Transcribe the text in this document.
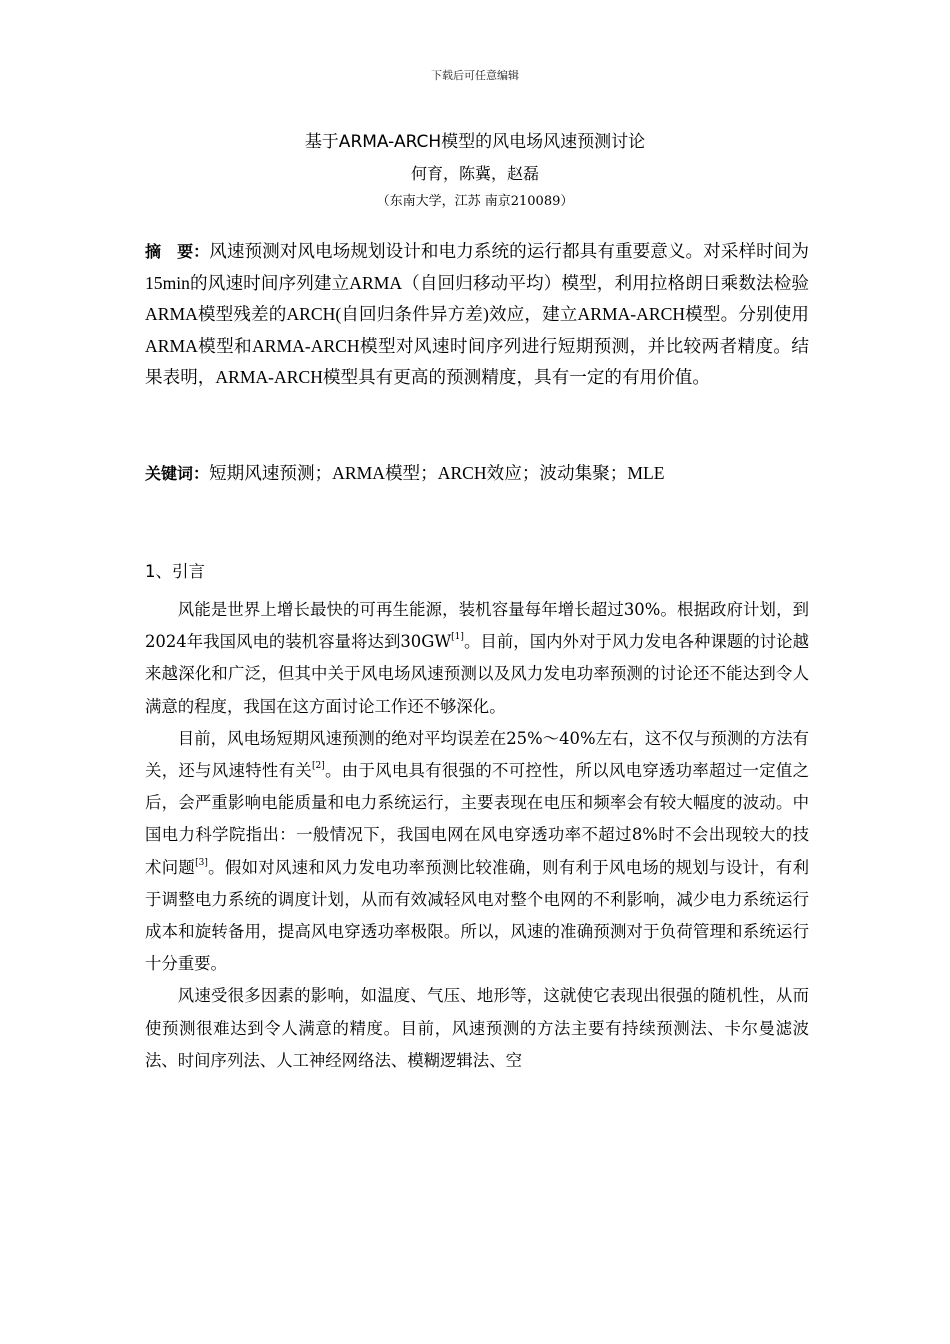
下载后可任意编辑
基于ARMA-ARCH模型的风电场风速预测讨论
何育，陈冀，赵磊
（东南大学，江苏 南京210089）
摘　要：风速预测对风电场规划设计和电力系统的运行都具有重要意义。对采样时间为15min的风速时间序列建立ARMA（自回归移动平均）模型，利用拉格朗日乘数法检验ARMA模型残差的ARCH(自回归条件异方差)效应，建立ARMA-ARCH模型。分别使用ARMA模型和ARMA-ARCH模型对风速时间序列进行短期预测，并比较两者精度。结果表明，ARMA-ARCH模型具有更高的预测精度，具有一定的有用价值。
关键词：短期风速预测；ARMA模型；ARCH效应；波动集聚；MLE
1、引言

风能是世界上增长最快的可再生能源，装机容量每年增长超过30%。根据政府计划，到2024年我国风电的装机容量将达到30GW[1]。目前，国内外对于风力发电各种课题的讨论越来越深化和广泛，但其中关于风电场风速预测以及风力发电功率预测的讨论还不能达到令人满意的程度，我国在这方面讨论工作还不够深化。

目前，风电场短期风速预测的绝对平均误差在25%～40%左右，这不仅与预测的方法有关，还与风速特性有关[2]。由于风电具有很强的不可控性，所以风电穿透功率超过一定值之后，会严重影响电能质量和电力系统运行，主要表现在电压和频率会有较大幅度的波动。中国电力科学院指出：一般情况下，我国电网在风电穿透功率不超过8%时不会出现较大的技术问题[3]。假如对风速和风力发电功率预测比较准确，则有利于风电场的规划与设计，有利于调整电力系统的调度计划，从而有效减轻风电对整个电网的不利影响，减少电力系统运行成本和旋转备用，提高风电穿透功率极限。所以，风速的准确预测对于负荷管理和系统运行十分重要。

风速受很多因素的影响，如温度、气压、地形等，这就使它表现出很强的随机性，从而使预测很难达到令人满意的精度。目前，风速预测的方法主要有持续预测法、卡尔曼滤波法、时间序列法、人工神经网络法、模糊逻辑法、空
